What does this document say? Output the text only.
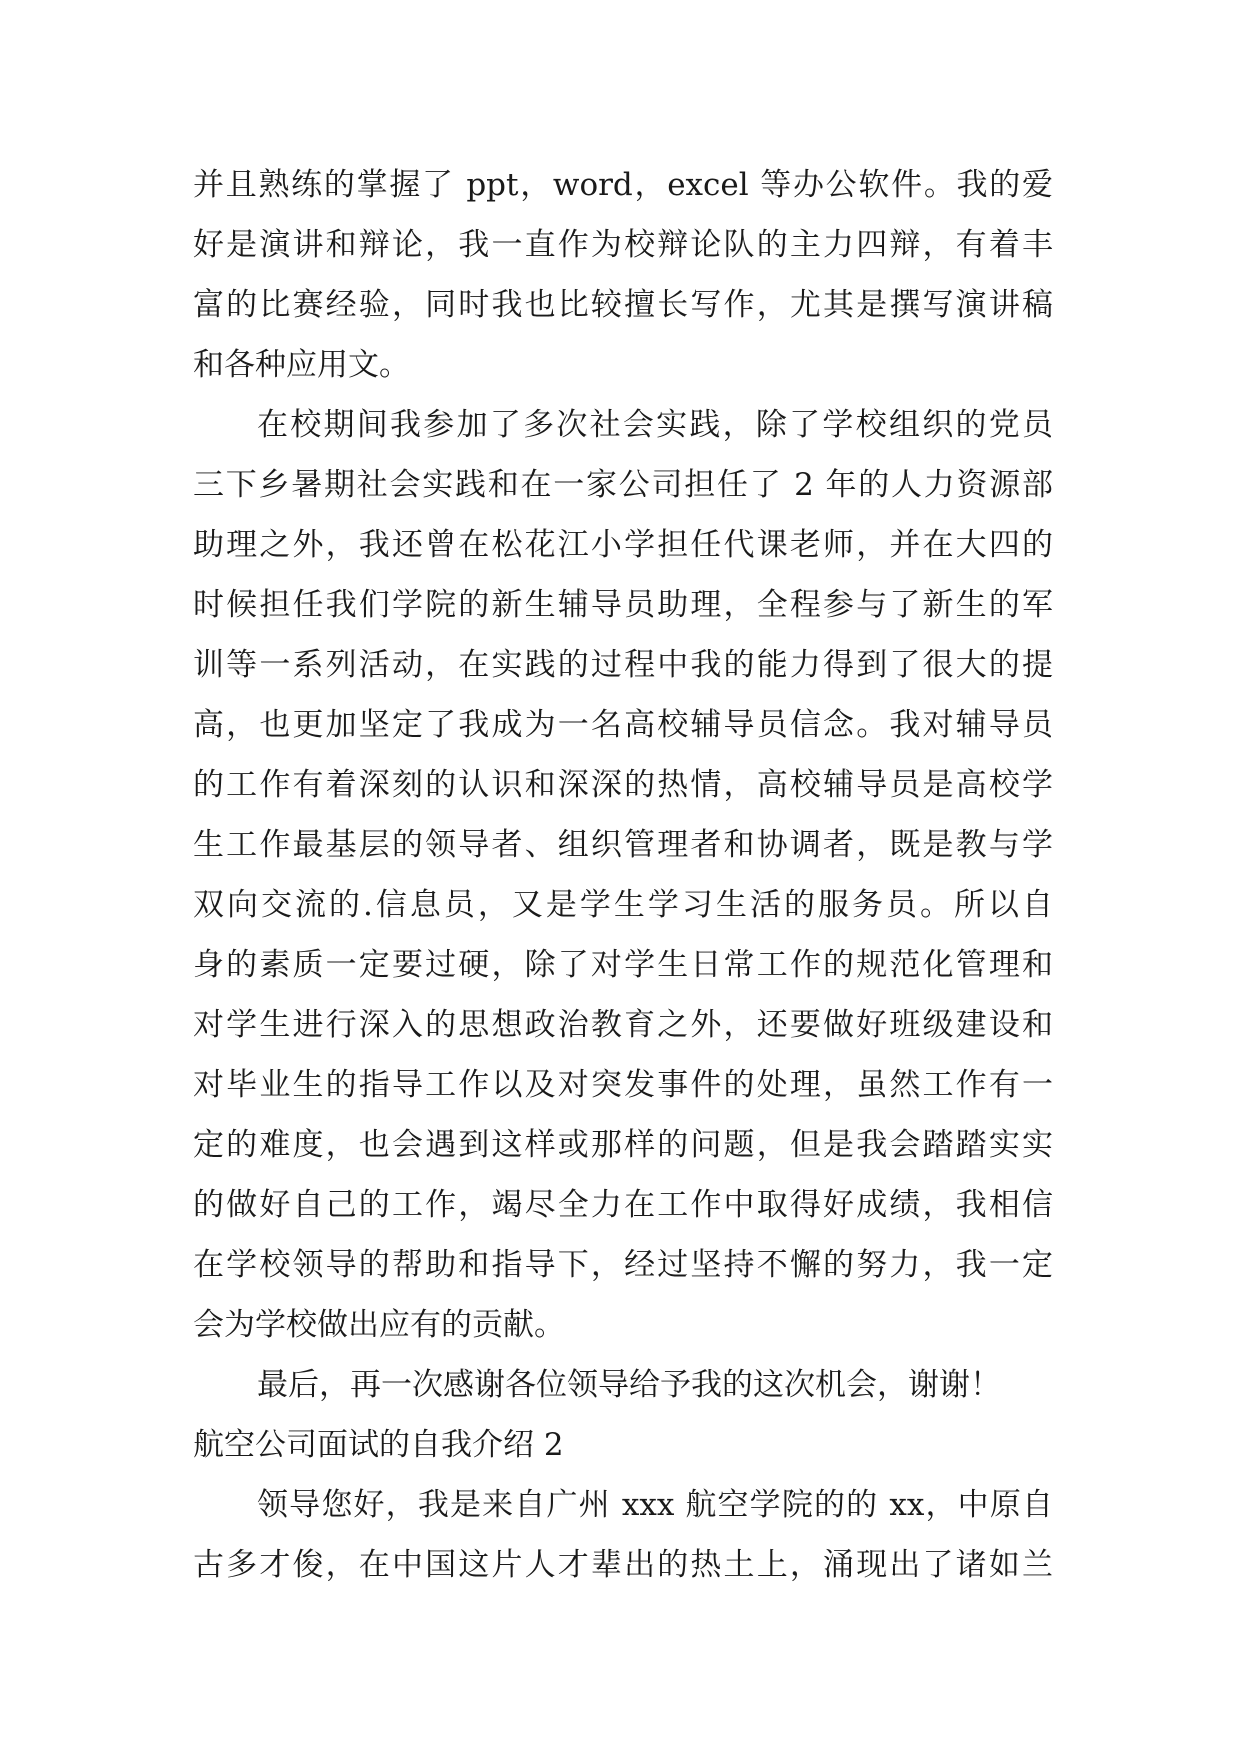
并且熟练的掌握了 ppt，word，excel 等办公软件。我的爱
好是演讲和辩论，我一直作为校辩论队的主力四辩，有着丰
富的比赛经验，同时我也比较擅长写作，尤其是撰写演讲稿
和各种应用文。
在校期间我参加了多次社会实践，除了学校组织的党员
三下乡暑期社会实践和在一家公司担任了 2 年的人力资源部
助理之外，我还曾在松花江小学担任代课老师，并在大四的
时候担任我们学院的新生辅导员助理，全程参与了新生的军
训等一系列活动，在实践的过程中我的能力得到了很大的提
高，也更加坚定了我成为一名高校辅导员信念。我对辅导员
的工作有着深刻的认识和深深的热情，高校辅导员是高校学
生工作最基层的领导者、组织管理者和协调者，既是教与学
双向交流的.信息员，又是学生学习生活的服务员。所以自
身的素质一定要过硬，除了对学生日常工作的规范化管理和
对学生进行深入的思想政治教育之外，还要做好班级建设和
对毕业生的指导工作以及对突发事件的处理，虽然工作有一
定的难度，也会遇到这样或那样的问题，但是我会踏踏实实
的做好自己的工作，竭尽全力在工作中取得好成绩，我相信
在学校领导的帮助和指导下，经过坚持不懈的努力，我一定
会为学校做出应有的贡献。
最后，再一次感谢各位领导给予我的这次机会，谢谢！
航空公司面试的自我介绍 2
领导您好，我是来自广州 xxx 航空学院的的 xx，中原自
古多才俊，在中国这片人才辈出的热土上，涌现出了诸如兰
